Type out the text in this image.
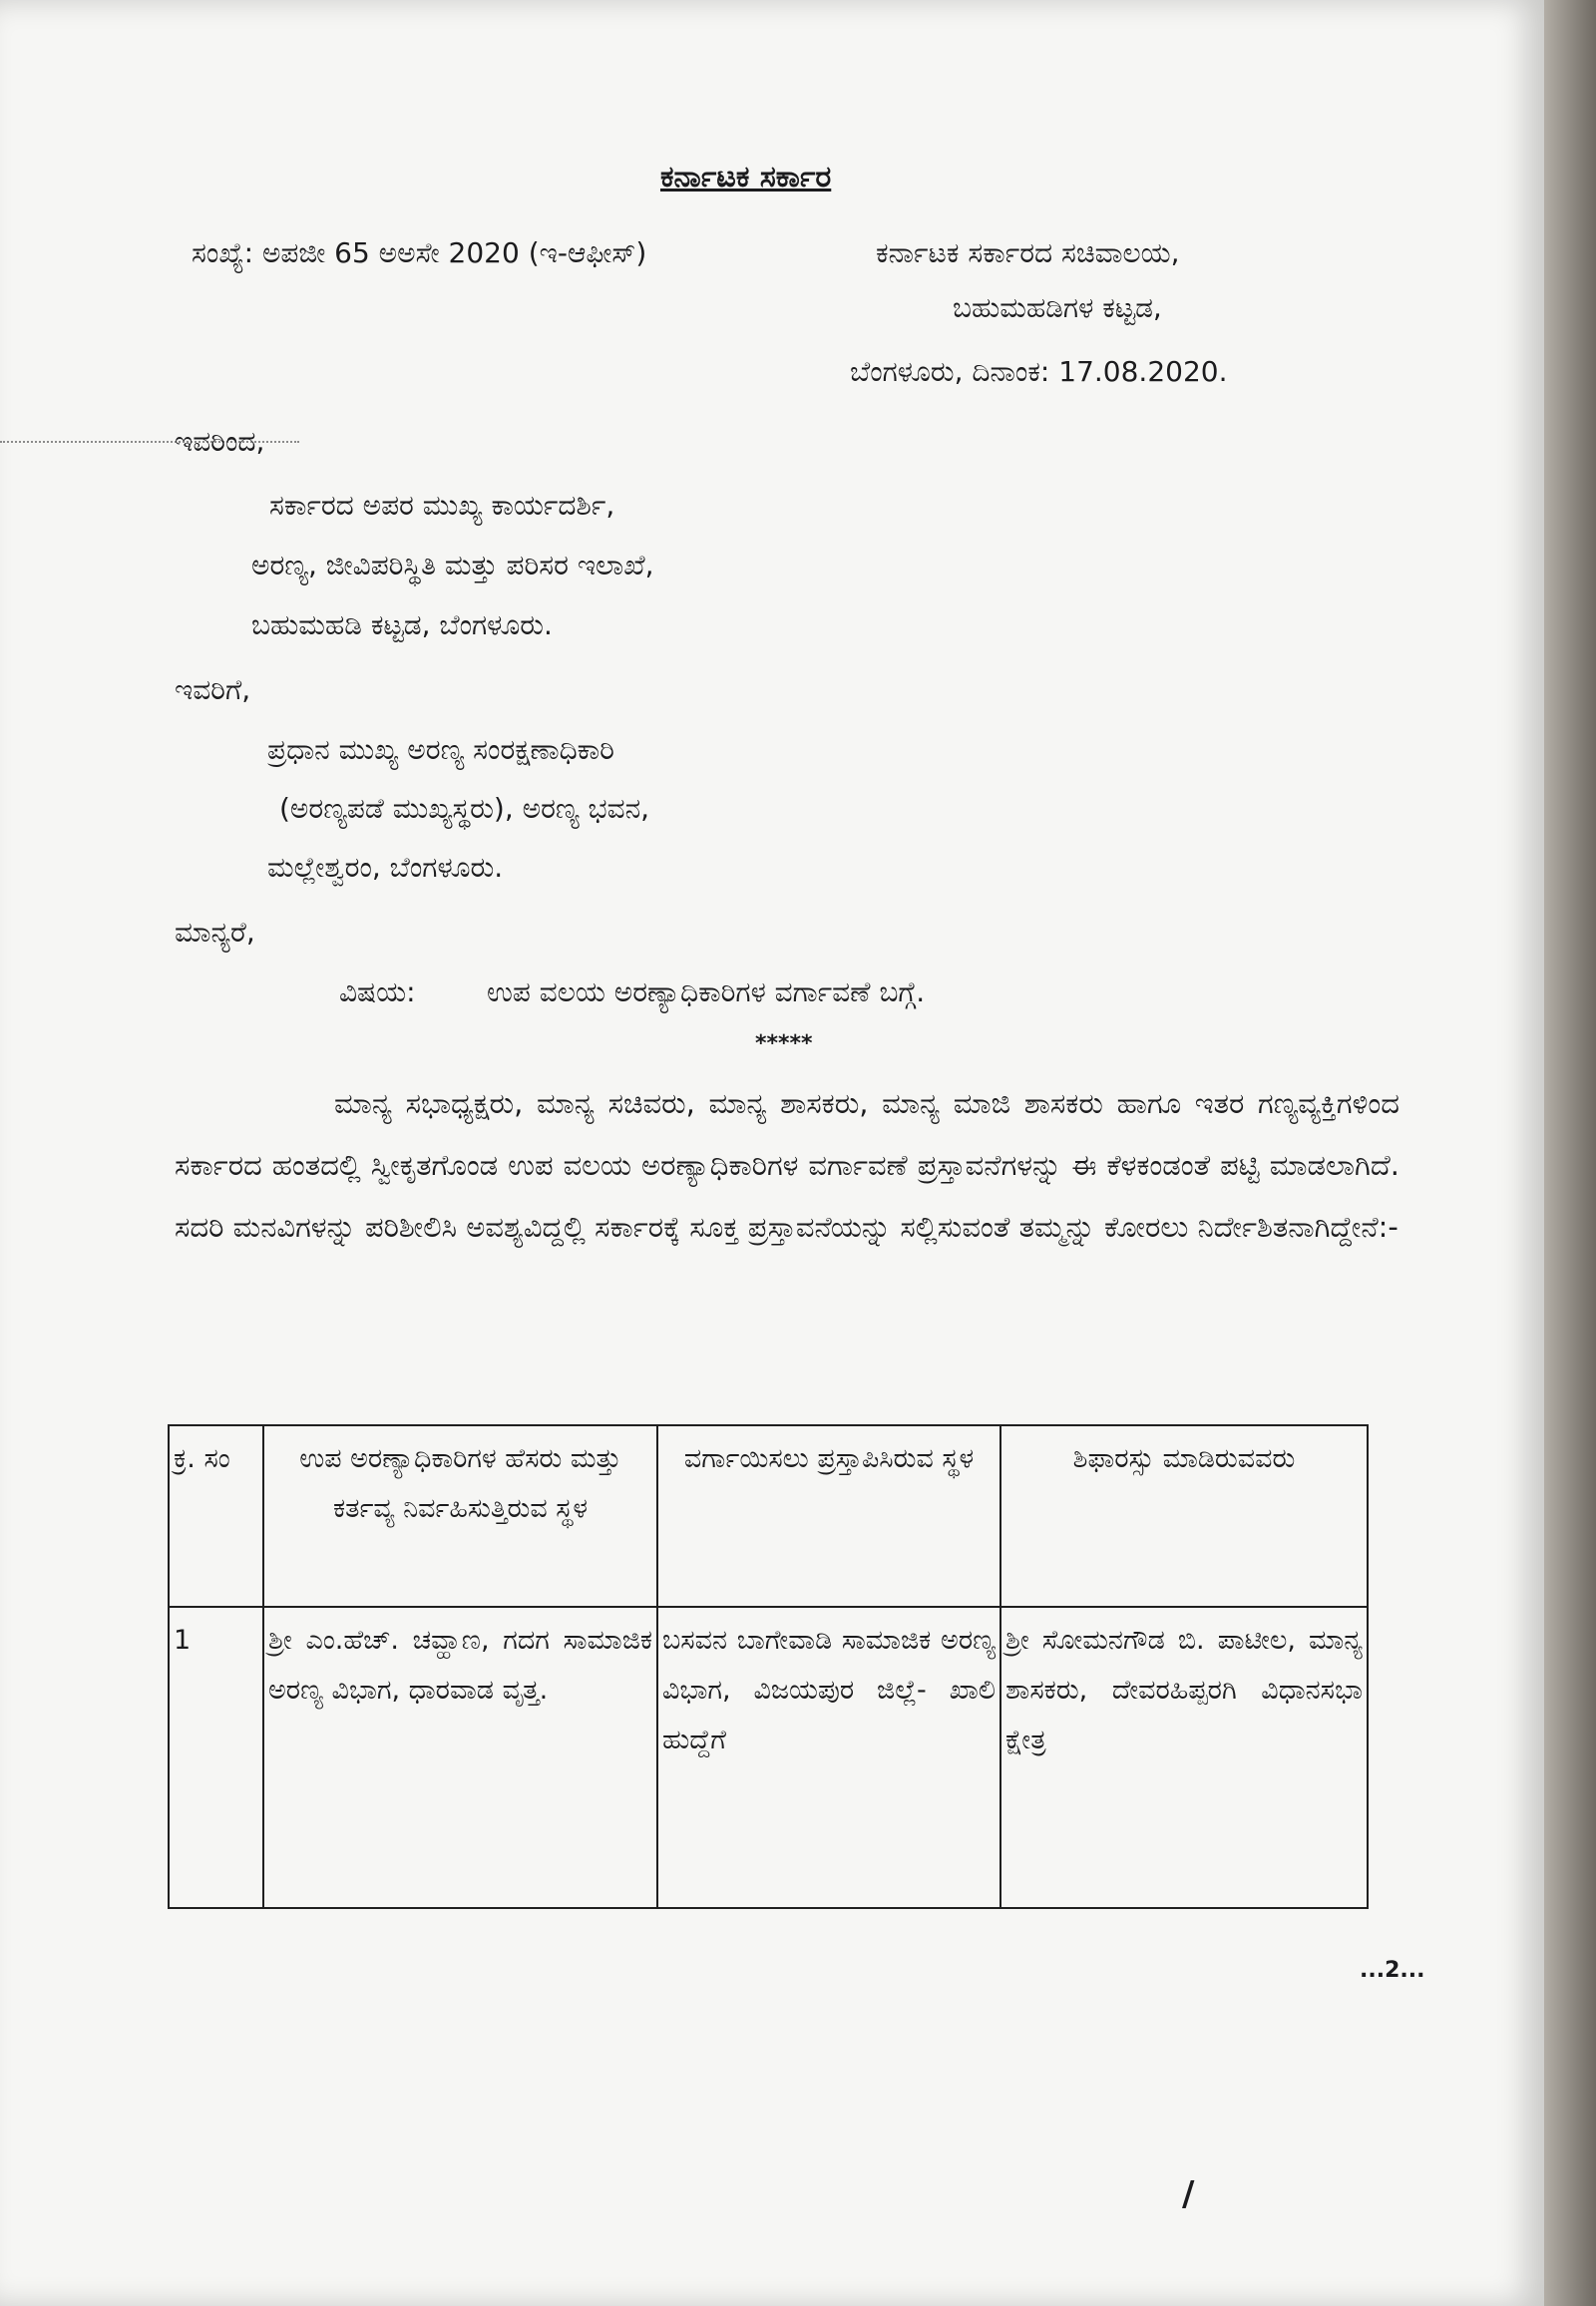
ಕರ್ನಾಟಕ ಸರ್ಕಾರ
ಸಂಖ್ಯೆ: ಅಪಜೀ 65 ಅಅಸೇ 2020 (ಇ-ಆಫೀಸ್)	ಕರ್ನಾಟಕ ಸರ್ಕಾರದ ಸಚಿವಾಲಯ,
ಬಹುಮಹಡಿಗಳ ಕಟ್ಟಡ,
ಬೆಂಗಳೂರು, ದಿನಾಂಕ: 17.08.2020.
ಇವರಿಂದ,
ಸರ್ಕಾರದ ಅಪರ ಮುಖ್ಯ ಕಾರ್ಯದರ್ಶಿ,
ಅರಣ್ಯ, ಜೀವಿಪರಿಸ್ಥಿತಿ ಮತ್ತು ಪರಿಸರ ಇಲಾಖೆ,
ಬಹುಮಹಡಿ ಕಟ್ಟಡ, ಬೆಂಗಳೂರು.
ಇವರಿಗೆ,
ಪ್ರಧಾನ ಮುಖ್ಯ ಅರಣ್ಯ ಸಂರಕ್ಷಣಾಧಿಕಾರಿ
(ಅರಣ್ಯಪಡೆ ಮುಖ್ಯಸ್ಥರು), ಅರಣ್ಯ ಭವನ,
ಮಲ್ಲೇಶ್ವರಂ, ಬೆಂಗಳೂರು.
ಮಾನ್ಯರೆ,
ವಿಷಯ:	ಉಪ ವಲಯ ಅರಣ್ಯಾಧಿಕಾರಿಗಳ ವರ್ಗಾವಣೆ ಬಗ್ಗೆ.
*****
ಮಾನ್ಯ ಸಭಾಧ್ಯಕ್ಷರು, ಮಾನ್ಯ ಸಚಿವರು, ಮಾನ್ಯ ಶಾಸಕರು, ಮಾನ್ಯ ಮಾಜಿ ಶಾಸಕರು ಹಾಗೂ ಇತರ ಗಣ್ಯವ್ಯಕ್ತಿಗಳಿಂದ ಸರ್ಕಾರದ ಹಂತದಲ್ಲಿ ಸ್ವೀಕೃತಗೊಂಡ ಉಪ ವಲಯ ಅರಣ್ಯಾಧಿಕಾರಿಗಳ ವರ್ಗಾವಣೆ ಪ್ರಸ್ತಾವನೆಗಳನ್ನು ಈ ಕೆಳಕಂಡಂತೆ ಪಟ್ಟಿ ಮಾಡಲಾಗಿದೆ. ಸದರಿ ಮನವಿಗಳನ್ನು ಪರಿಶೀಲಿಸಿ ಅವಶ್ಯವಿದ್ದಲ್ಲಿ ಸರ್ಕಾರಕ್ಕೆ ಸೂಕ್ತ ಪ್ರಸ್ತಾವನೆಯನ್ನು ಸಲ್ಲಿಸುವಂತೆ ತಮ್ಮನ್ನು ಕೋರಲು ನಿರ್ದೇಶಿತನಾಗಿದ್ದೇನೆ:-
ಕ್ರ. ಸಂ	ಉಪ ಅರಣ್ಯಾಧಿಕಾರಿಗಳ ಹೆಸರು ಮತ್ತು ಕರ್ತವ್ಯ ನಿರ್ವಹಿಸುತ್ತಿರುವ ಸ್ಥಳ	ವರ್ಗಾಯಿಸಲು ಪ್ರಸ್ತಾಪಿಸಿರುವ ಸ್ಥಳ	ಶಿಫಾರಸ್ಸು ಮಾಡಿರುವವರು
1	ಶ್ರೀ ಎಂ.ಹೆಚ್. ಚವ್ಹಾಣ, ಗದಗ ಸಾಮಾಜಿಕ ಅರಣ್ಯ ವಿಭಾಗ, ಧಾರವಾಡ ವೃತ್ತ.	ಬಸವನ ಬಾಗೇವಾಡಿ ಸಾಮಾಜಿಕ ಅರಣ್ಯ ವಿಭಾಗ, ವಿಜಯಪುರ ಜಿಲ್ಲೆ- ಖಾಲಿ ಹುದ್ದೆಗೆ	ಶ್ರೀ ಸೋಮನಗೌಡ ಬಿ. ಪಾಟೀಲ, ಮಾನ್ಯ ಶಾಸಕರು, ದೇವರಹಿಪ್ಪರಗಿ ವಿಧಾನಸಭಾ ಕ್ಷೇತ್ರ
...2...
/
